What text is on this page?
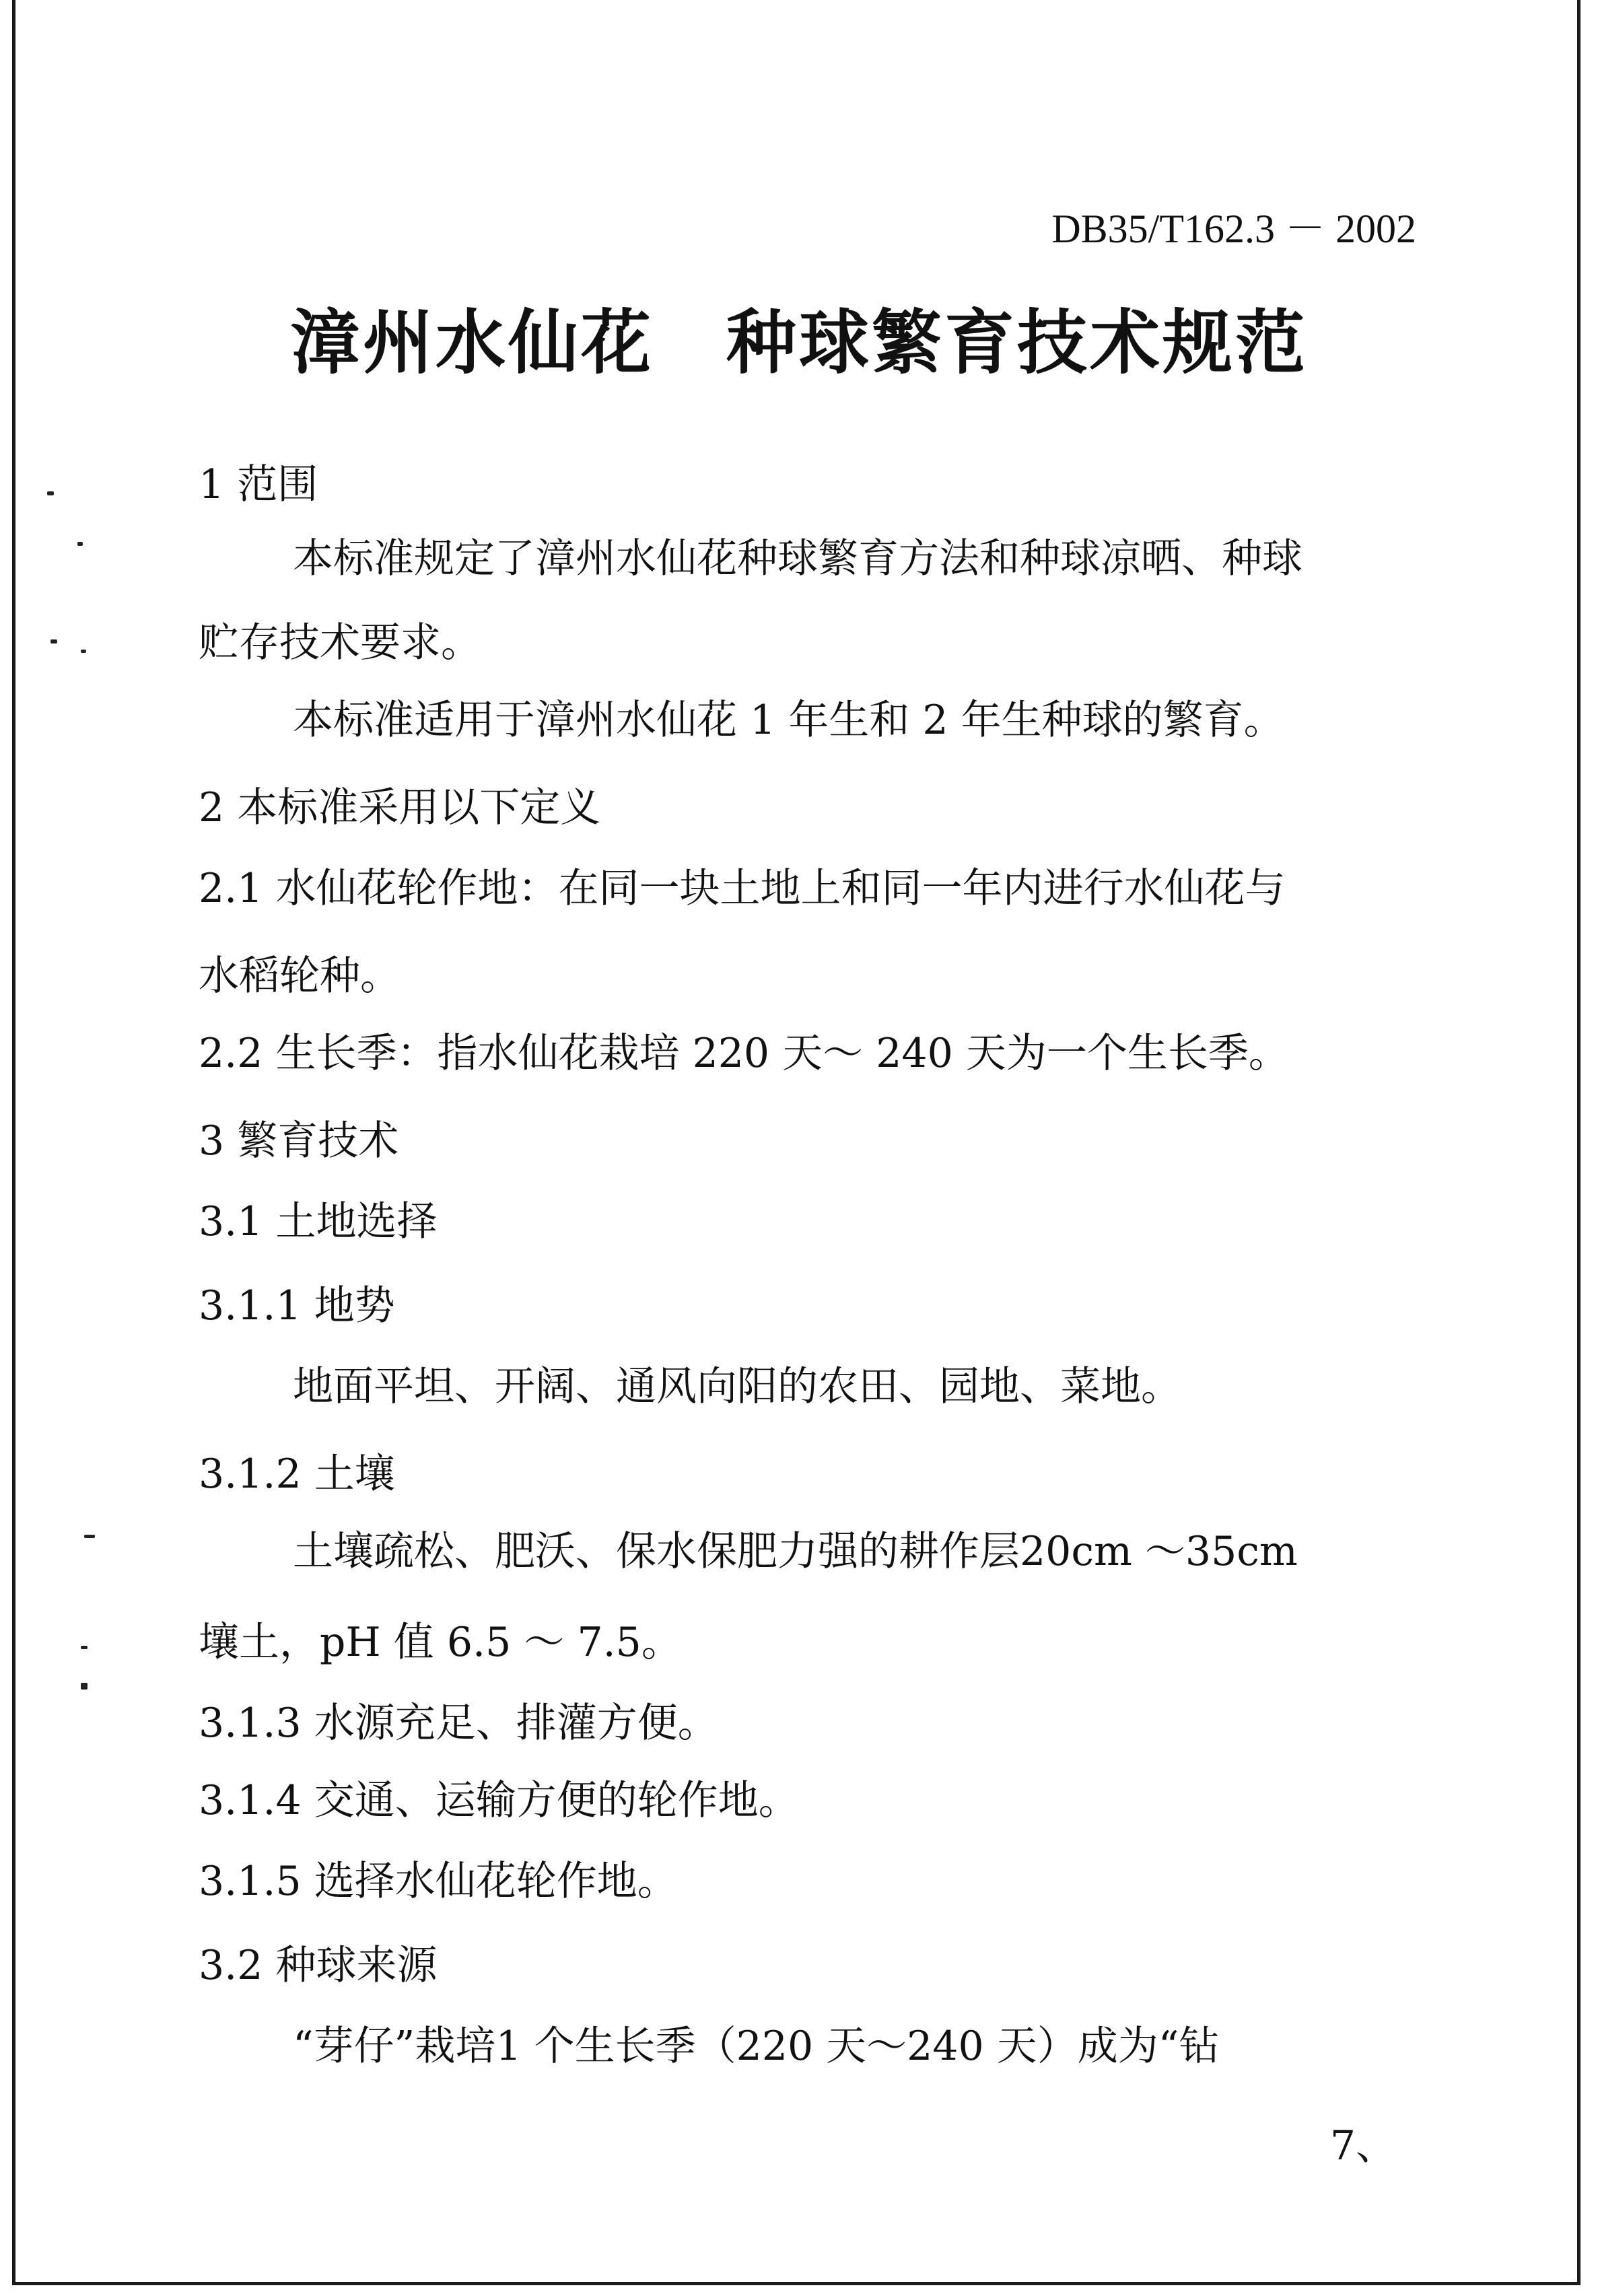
DB35/T162.3 － 2002
漳州水仙花　种球繁育技术规范
1 范围
本标准规定了漳州水仙花种球繁育方法和种球凉晒、种球
贮存技术要求。
本标准适用于漳州水仙花 1 年生和 2 年生种球的繁育。
2 本标准采用以下定义
2.1 水仙花轮作地：在同一块土地上和同一年内进行水仙花与
水稻轮种。
2.2 生长季：指水仙花栽培 220 天～ 240 天为一个生长季。
3 繁育技术
3.1 土地选择
3.1.1 地势
地面平坦、开阔、通风向阳的农田、园地、菜地。
3.1.2 土壤
土壤疏松、肥沃、保水保肥力强的耕作层20cm ～35cm
壤土，pH 值 6.5 ～ 7.5。
3.1.3 水源充足、排灌方便。
3.1.4 交通、运输方便的轮作地。
3.1.5 选择水仙花轮作地。
3.2 种球来源
“芽仔”栽培1 个生长季（220 天～240 天）成为“钻
7、
